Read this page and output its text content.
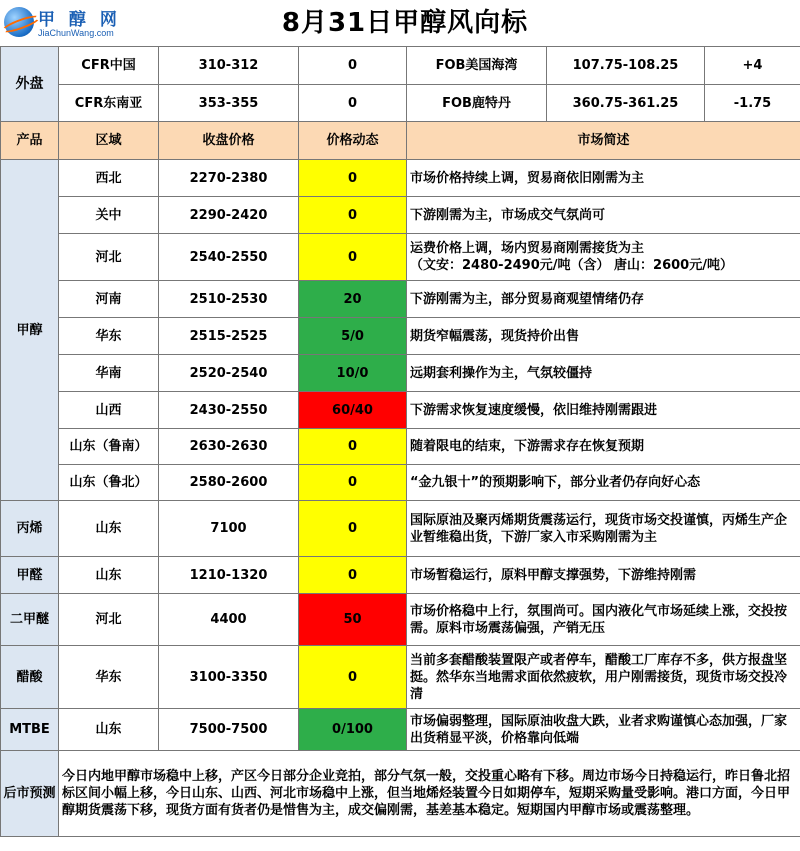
甲 醇 网
JiaChunWang.com	8月31日甲醇风向标
外盘	CFR中国	310-312	0	FOB美国海湾	107.75-108.25	+4
	CFR东南亚	353-355	0	FOB鹿特丹	360.75-361.25	-1.75
产品	区域	收盘价格	价格动态	市场简述		
甲醇	西北	2270-2380	0	市场价格持续上调，贸易商依旧刚需为主		
	关中	2290-2420	0	下游刚需为主，市场成交气氛尚可		
	河北	2540-2550	0	运费价格上调，场内贸易商刚需接货为主
（文安：2480-2490元/吨（含） 唐山：2600元/吨）		
	河南	2510-2530	20	下游刚需为主，部分贸易商观望情绪仍存		
	华东	2515-2525	5/0	期货窄幅震荡，现货持价出售		
	华南	2520-2540	10/0	远期套利操作为主，气氛较僵持		
	山西	2430-2550	60/40	下游需求恢复速度缓慢，依旧维持刚需跟进		
	山东（鲁南）	2630-2630	0	随着限电的结束，下游需求存在恢复预期		
	山东（鲁北）	2580-2600	0	“金九银十”的预期影响下，部分业者仍存向好心态		
丙烯	山东	7100	0	国际原油及聚丙烯期货震荡运行，现货市场交投谨慎，丙烯生产企业暂维稳出货，下游厂家入市采购刚需为主		
甲醛	山东	1210-1320	0	市场暂稳运行，原料甲醇支撑强势，下游维持刚需		
二甲醚	河北	4400	50	市场价格稳中上行，氛围尚可。国内液化气市场延续上涨，交投按需。原料市场震荡偏强，产销无压		
醋酸	华东	3100-3350	0	当前多套醋酸装置限产或者停车，醋酸工厂库存不多，供方报盘坚挺。然华东当地需求面依然疲软，用户刚需接货，现货市场交投冷清		
MTBE	山东	7500-7500	0/100	市场偏弱整理，国际原油收盘大跌，业者求购谨慎心态加强，厂家出货稍显平淡，价格靠向低端		
后市预测	今日内地甲醇市场稳中上移，产区今日部分企业竞拍，部分气氛一般，交投重心略有下移。周边市场今日持稳运行，昨日鲁北招标区间小幅上移，今日山东、山西、河北市场稳中上涨，但当地烯烃装置今日如期停车，短期采购量受影响。港口方面，今日甲醇期货震荡下移，现货方面有货者仍是惜售为主，成交偏刚需，基差基本稳定。短期国内甲醇市场或震荡整理。					
